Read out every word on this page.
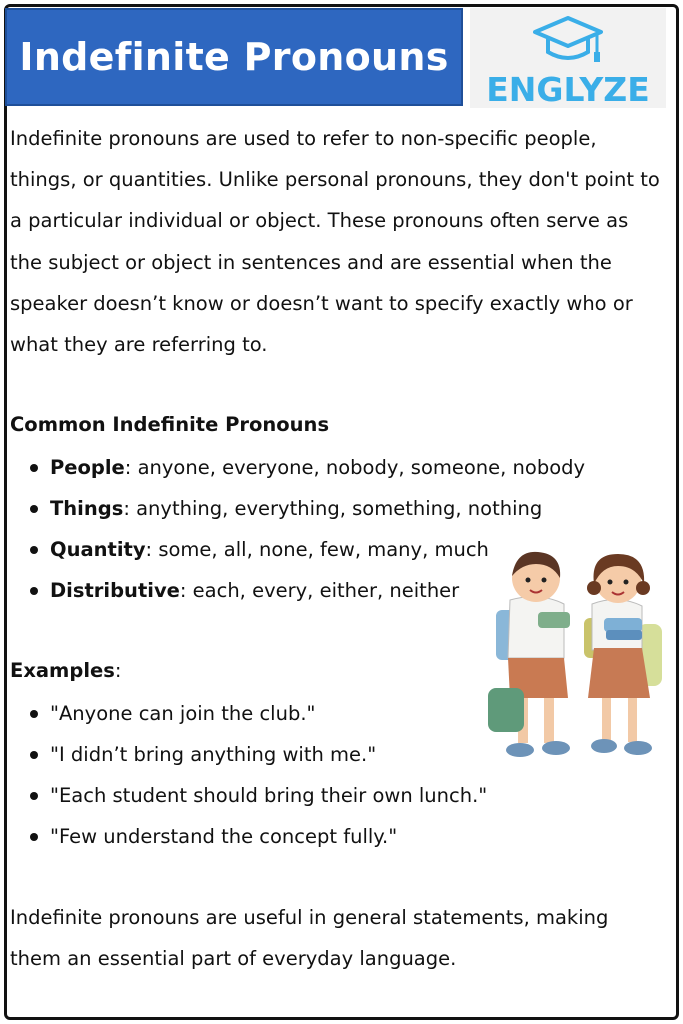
Indefinite Pronouns
ENGLYZE

Indefinite pronouns are used to refer to non-specific people, things, or quantities. Unlike personal pronouns, they don't point to a particular individual or object. These pronouns often serve as the subject or object in sentences and are essential when the speaker doesn’t know or doesn’t want to specify exactly who or what they are referring to.

Common Indefinite Pronouns
People: anyone, everyone, nobody, someone, nobody
Things: anything, everything, something, nothing
Quantity: some, all, none, few, many, much
Distributive: each, every, either, neither
Examples:
"Anyone can join the club."
"I didn’t bring anything with me."
"Each student should bring their own lunch."
"Few understand the concept fully."

Indefinite pronouns are useful in general statements, making them an essential part of everyday language.
